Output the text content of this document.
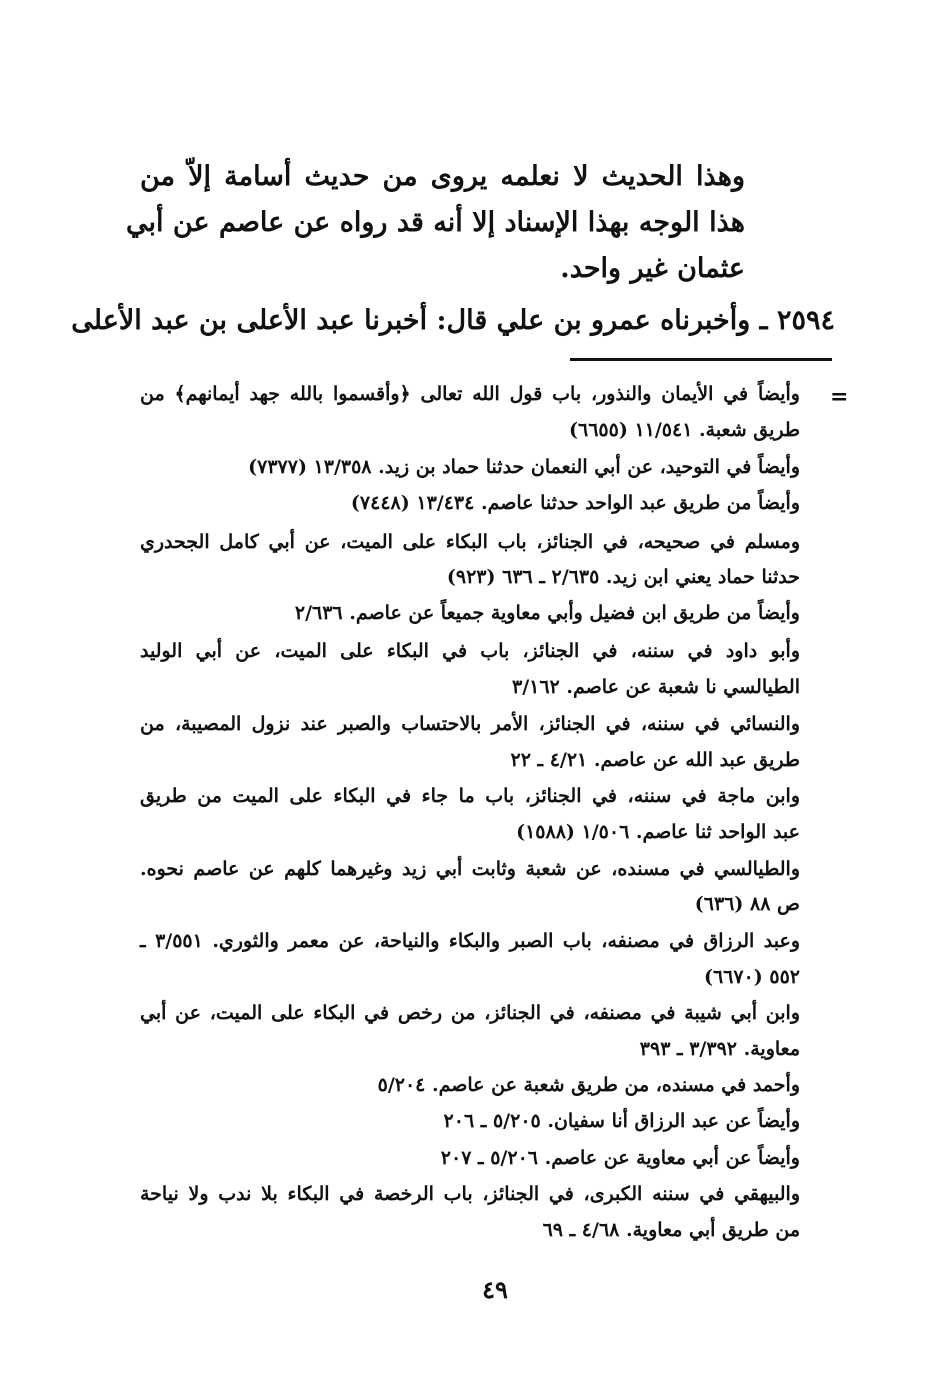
وهذا الحديث لا نعلمه يروى من حديث أسامة إلاّ من
هذا الوجه بهذا الإسناد إلا أنه قد رواه عن عاصم عن أبي
عثمان غير واحد.
٢٥٩٤ ـ وأخبرناه عمرو بن علي قال: أخبرنا عبد الأعلى بن عبد الأعلى
=
وأيضاً في الأيمان والنذور، باب قول الله تعالى ﴿وأقسموا بالله جهد أيمانهم﴾ من
طريق شعبة. ١١/٥٤١ (٦٦٥٥)
وأيضاً في التوحيد، عن أبي النعمان حدثنا حماد بن زيد. ١٣/٣٥٨ (٧٣٧٧)
وأيضاً من طريق عبد الواحد حدثنا عاصم. ١٣/٤٣٤ (٧٤٤٨)
ومسلم في صحيحه، في الجنائز، باب البكاء على الميت، عن أبي كامل الجحدري
حدثنا حماد يعني ابن زيد. ٢/٦٣٥ ـ ٦٣٦ (٩٢٣)
وأيضاً من طريق ابن فضيل وأبي معاوية جميعاً عن عاصم. ٢/٦٣٦
وأبو داود في سننه، في الجنائز، باب في البكاء على الميت، عن أبي الوليد
الطيالسي نا شعبة عن عاصم. ٣/١٦٢
والنسائي في سننه، في الجنائز، الأمر بالاحتساب والصبر عند نزول المصيبة، من
طريق عبد الله عن عاصم. ٤/٢١ ـ ٢٢
وابن ماجة في سننه، في الجنائز، باب ما جاء في البكاء على الميت من طريق
عبد الواحد ثنا عاصم. ١/٥٠٦ (١٥٨٨)
والطيالسي في مسنده، عن شعبة وثابت أبي زيد وغيرهما كلهم عن عاصم نحوه.
ص ٨٨ (٦٣٦)
وعبد الرزاق في مصنفه، باب الصبر والبكاء والنياحة، عن معمر والثوري. ٣/٥٥١ ـ
٥٥٢ (٦٦٧٠)
وابن أبي شيبة في مصنفه، في الجنائز، من رخص في البكاء على الميت، عن أبي
معاوية. ٣/٣٩٢ ـ ٣٩٣
وأحمد في مسنده، من طريق شعبة عن عاصم. ٥/٢٠٤
وأيضاً عن عبد الرزاق أنا سفيان. ٥/٢٠٥ ـ ٢٠٦
وأيضاً عن أبي معاوية عن عاصم. ٥/٢٠٦ ـ ٢٠٧
والبيهقي في سننه الكبرى، في الجنائز، باب الرخصة في البكاء بلا ندب ولا نياحة
من طريق أبي معاوية. ٤/٦٨ ـ ٦٩
٤٩
